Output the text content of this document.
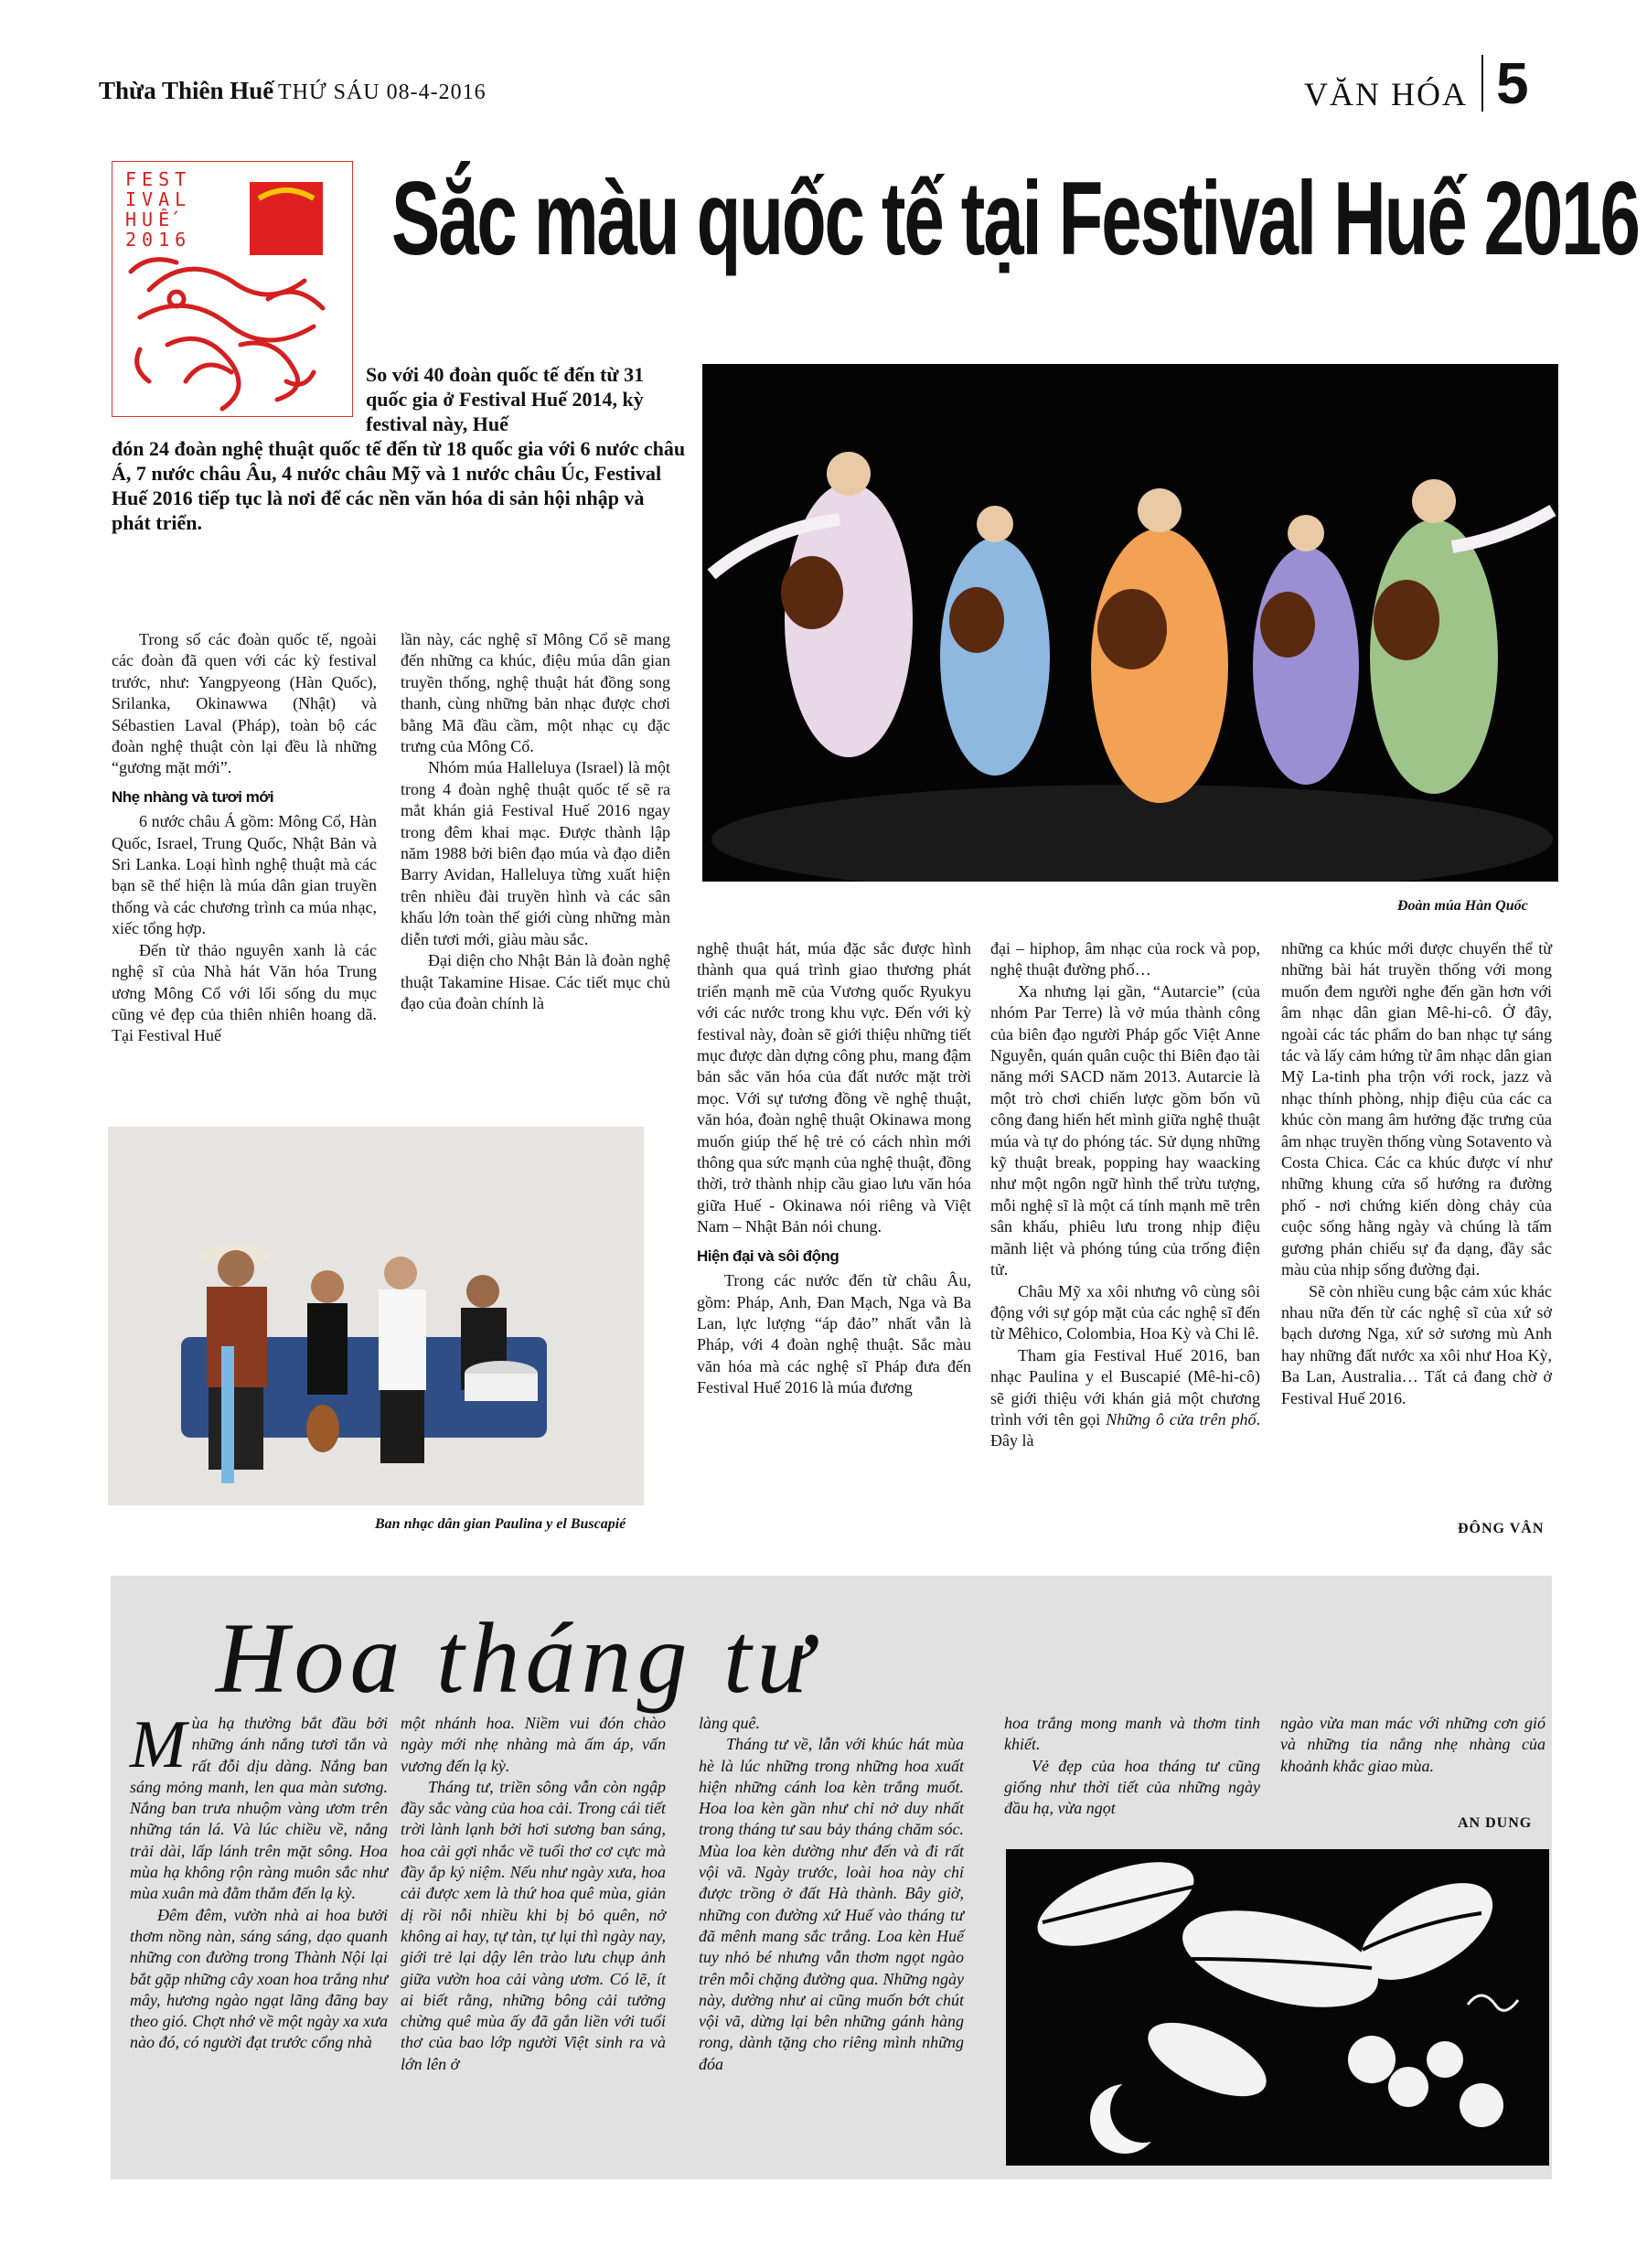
Thừa Thiên Huế THỨ SÁU 08-4-2016	VĂN HÓA 5
FEST
IVAL
HUẾ
2016 Sắc màu quốc tế tại Festival Huế 2016
So với 40 đoàn quốc tế đến từ 31 quốc gia ở Festival Huế 2014, kỳ festival này, Huế
đón 24 đoàn nghệ thuật quốc tế đến từ 18 quốc gia với 6 nước châu Á, 7 nước châu Âu, 4 nước châu Mỹ và 1 nước châu Úc, Festival Huế 2016 tiếp tục là nơi để các nền văn hóa di sản hội nhập và phát triển.
Đoàn múa Hàn Quốc

Trong số các đoàn quốc tế, ngoài các đoàn đã quen với các kỳ festival trước, như: Yangpyeong (Hàn Quốc), Srilanka, Okinawwa (Nhật) và Sébastien Laval (Pháp), toàn bộ các đoàn nghệ thuật còn lại đều là những “gương mặt mới”.

Nhẹ nhàng và tươi mới

6 nước châu Á gồm: Mông Cổ, Hàn Quốc, Israel, Trung Quốc, Nhật Bản và Sri Lanka. Loại hình nghệ thuật mà các bạn sẽ thể hiện là múa dân gian truyền thống và các chương trình ca múa nhạc, xiếc tổng hợp.

Đến từ thảo nguyên xanh là các nghệ sĩ của Nhà hát Văn hóa Trung ương Mông Cổ với lối sống du mục cũng vẻ đẹp của thiên nhiên hoang dã. Tại Festival Huế

lần này, các nghệ sĩ Mông Cổ sẽ mang đến những ca khúc, điệu múa dân gian truyền thống, nghệ thuật hát đồng song thanh, cùng những bản nhạc được chơi bằng Mã đầu cầm, một nhạc cụ đặc trưng của Mông Cổ.

Nhóm múa Halleluya (Israel) là một trong 4 đoàn nghệ thuật quốc tế sẽ ra mắt khán giả Festival Huế 2016 ngay trong đêm khai mạc. Được thành lập năm 1988 bởi biên đạo múa và đạo diễn Barry Avidan, Halleluya từng xuất hiện trên nhiều đài truyền hình và các sân khấu lớn toàn thế giới cùng những màn diễn tươi mới, giàu màu sắc.

Đại diện cho Nhật Bản là đoàn nghệ thuật Takamine Hisae. Các tiết mục chủ đạo của đoàn chính là

Ban nhạc dân gian Paulina y el Buscapié

nghệ thuật hát, múa đặc sắc được hình thành qua quá trình giao thương phát triển mạnh mẽ của Vương quốc Ryukyu với các nước trong khu vực. Đến với kỳ festival này, đoàn sẽ giới thiệu những tiết mục được dàn dựng công phu, mang đậm bản sắc văn hóa của đất nước mặt trời mọc. Với sự tương đồng về nghệ thuật, văn hóa, đoàn nghệ thuật Okinawa mong muốn giúp thế hệ trẻ có cách nhìn mới thông qua sức mạnh của nghệ thuật, đồng thời, trở thành nhịp cầu giao lưu văn hóa giữa Huế - Okinawa nói riêng và Việt Nam – Nhật Bản nói chung.

Hiện đại và sôi động

Trong các nước đến từ châu Âu, gồm: Pháp, Anh, Đan Mạch, Nga và Ba Lan, lực lượng “áp đảo” nhất vẫn là Pháp, với 4 đoàn nghệ thuật. Sắc màu văn hóa mà các nghệ sĩ Pháp đưa đến Festival Huế 2016 là múa đương

đại – hiphop, âm nhạc của rock và pop, nghệ thuật đường phố…

Xa nhưng lại gần, “Autarcie” (của nhóm Par Terre) là vở múa thành công của biên đạo người Pháp gốc Việt Anne Nguyễn, quán quân cuộc thi Biên đạo tài năng mới SACD năm 2013. Autarcie là một trò chơi chiến lược gồm bốn vũ công đang hiến hết mình giữa nghệ thuật múa và tự do phóng tác. Sử dụng những kỹ thuật break, popping hay waacking như một ngôn ngữ hình thể trừu tượng, mỗi nghệ sĩ là một cá tính mạnh mẽ trên sân khấu, phiêu lưu trong nhịp điệu mãnh liệt và phóng túng của trống điện tử.

Châu Mỹ xa xôi nhưng vô cùng sôi động với sự góp mặt của các nghệ sĩ đến từ Mêhico, Colombia, Hoa Kỳ và Chi lê.

Tham gia Festival Huế 2016, ban nhạc Paulina y el Buscapié (Mê-hi-cô) sẽ giới thiệu với khán giả một chương trình với tên gọi Những ô cửa trên phố. Đây là

những ca khúc mới được chuyển thể từ những bài hát truyền thống với mong muốn đem người nghe đến gần hơn với âm nhạc dân gian Mê-hi-cô. Ở đây, ngoài các tác phẩm do ban nhạc tự sáng tác và lấy cảm hứng từ âm nhạc dân gian Mỹ La-tinh pha trộn với rock, jazz và nhạc thính phòng, nhịp điệu của các ca khúc còn mang âm hưởng đặc trưng của âm nhạc truyền thống vùng Sotavento và Costa Chica. Các ca khúc được ví như những khung cửa sổ hướng ra đường phố - nơi chứng kiến dòng chảy của cuộc sống hằng ngày và chúng là tấm gương phản chiếu sự đa dạng, đầy sắc màu của nhịp sống đường đại.

Sẽ còn nhiều cung bậc cảm xúc khác nhau nữa đến từ các nghệ sĩ của xứ sở bạch dương Nga, xứ sở sương mù Anh hay những đất nước xa xôi như Hoa Kỳ, Ba Lan, Australia… Tất cả đang chờ ở Festival Huế 2016.

ĐÔNG VÂN
Hoa tháng tư

Mùa hạ thường bắt đầu bởi những ánh nắng tươi tắn và rất đỗi dịu dàng. Nắng ban sáng mỏng manh, len qua màn sương. Nắng ban trưa nhuộm vàng ươm trên những tán lá. Và lúc chiều về, nắng trải dài, lấp lánh trên mặt sông. Hoa mùa hạ không rộn ràng muôn sắc như mùa xuân mà đằm thắm đến lạ kỳ.

Đêm đêm, vườn nhà ai hoa bưởi thơm nồng nàn, sáng sáng, dạo quanh những con đường trong Thành Nội lại bắt gặp những cây xoan hoa trắng như mây, hương ngào ngạt lãng đãng bay theo gió. Chợt nhớ về một ngày xa xưa nào đó, có người đạt trước cổng nhà

một nhánh hoa. Niềm vui đón chào ngày mới nhẹ nhàng mà ấm áp, vấn vương đến lạ kỳ.

Tháng tư, triền sông vẫn còn ngập đầy sắc vàng của hoa cải. Trong cái tiết trời lành lạnh bởi hơi sương ban sáng, hoa cải gợi nhắc về tuổi thơ cơ cực mà đầy ắp kỷ niệm. Nếu như ngày xưa, hoa cải được xem là thứ hoa quê mùa, giản dị rồi nỗi nhiều khi bị bỏ quên, nở không ai hay, tự tàn, tự lụi thì ngày nay, giới trẻ lại dậy lên trào lưu chụp ảnh giữa vườn hoa cải vàng ươm. Có lẽ, ít ai biết rằng, những bông cải tưởng chừng quê mùa ấy đã gắn liền với tuổi thơ của bao lớp người Việt sinh ra và lớn lên ở

làng quê.

Tháng tư về, lẫn với khúc hát mùa hè là lúc những trong những hoa xuất hiện những cánh loa kèn trắng muốt. Hoa loa kèn gần như chỉ nở duy nhất trong tháng tư sau bảy tháng chăm sóc. Mùa loa kèn dường như đến và đi rất vội vã. Ngày trước, loài hoa này chỉ được trồng ở đất Hà thành. Bây giờ, những con đường xứ Huế vào tháng tư đã mênh mang sắc trắng. Loa kèn Huế tuy nhỏ bé nhưng vẫn thơm ngọt ngào trên mỗi chặng đường qua. Những ngày này, dường như ai cũng muốn bớt chút vội vã, dừng lại bên những gánh hàng rong, dành tặng cho riêng mình những đóa

hoa trắng mong manh và thơm tinh khiết.

Vẻ đẹp của hoa tháng tư cũng giống như thời tiết của những ngày đầu hạ, vừa ngọt

ngào vừa man mác với những cơn gió và những tia nắng nhẹ nhàng của khoảnh khắc giao mùa.

AN DUNG
